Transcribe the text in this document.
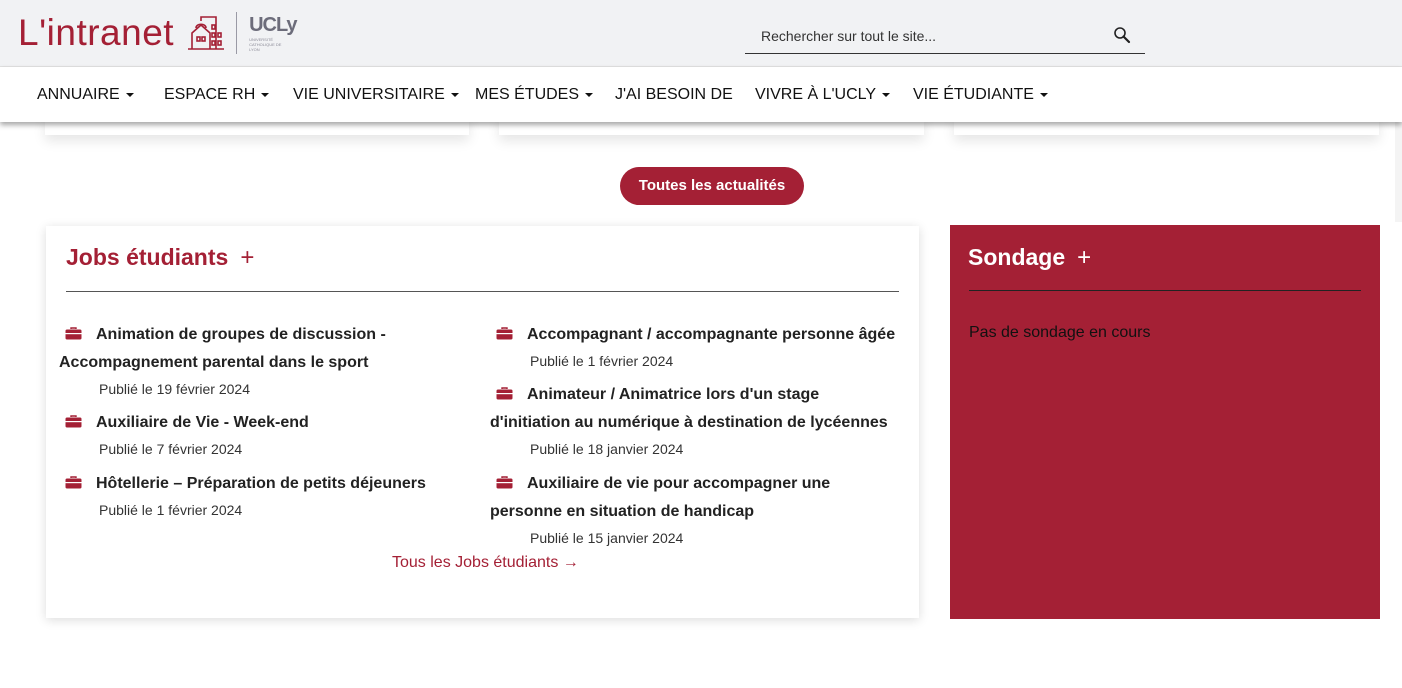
L'intranet	UCLy
UNIVERSITÉ CATHOLIQUE DE LYON
Rechercher sur tout le site...
ANNUAIRE	ESPACE RH	VIE UNIVERSITAIRE	MES ÉTUDES	J'AI BESOIN DE VIVRE À L'UCLY	VIE ÉTUDIANTE
Toutes les actualités
Jobs étudiants +
Animation de groupes de discussion - Accompagnement parental dans le sport
Publié le 19 février 2024
Auxiliaire de Vie - Week-end
Publié le 7 février 2024
Hôtellerie – Préparation de petits déjeuners
Publié le 1 février 2024
Accompagnant / accompagnante personne âgée
Publié le 1 février 2024
Animateur / Animatrice lors d'un stage d'initiation au numérique à destination de lycéennes
Publié le 18 janvier 2024
Auxiliaire de vie pour accompagner une personne en situation de handicap
Publié le 15 janvier 2024
Tous les Jobs étudiants →
Sondage +
Pas de sondage en cours
